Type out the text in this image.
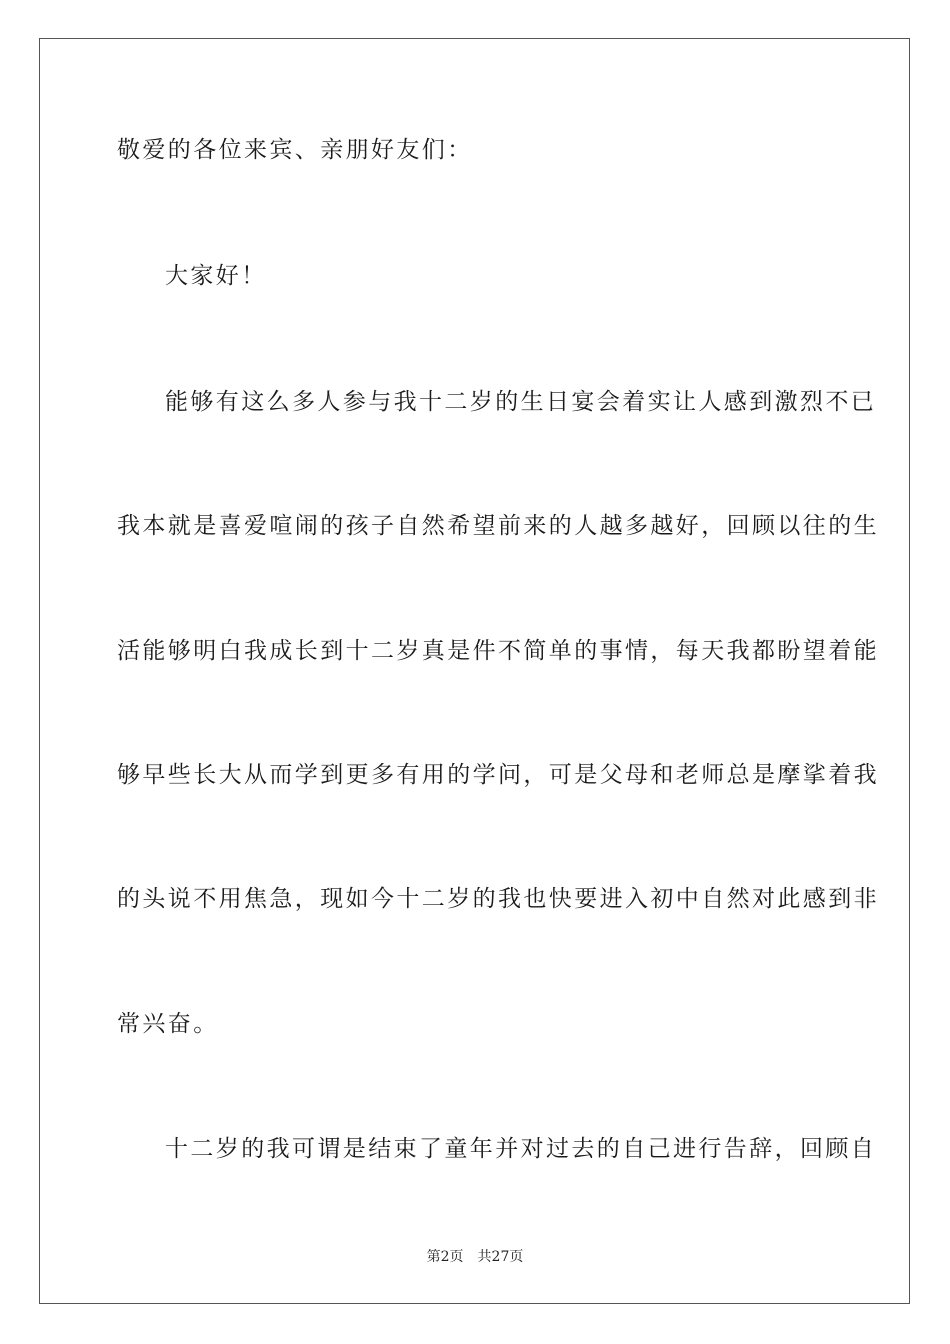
敬爱的各位来宾、亲朋好友们：
大家好！
能够有这么多人参与我十二岁的生日宴会着实让人感到激烈不已
我本就是喜爱喧闹的孩子自然希望前来的人越多越好，回顾以往的生
活能够明白我成长到十二岁真是件不简单的事情，每天我都盼望着能
够早些长大从而学到更多有用的学问，可是父母和老师总是摩挲着我
的头说不用焦急，现如今十二岁的我也快要进入初中自然对此感到非
常兴奋。
十二岁的我可谓是结束了童年并对过去的自己进行告辞，回顾自
第2页 共27页
